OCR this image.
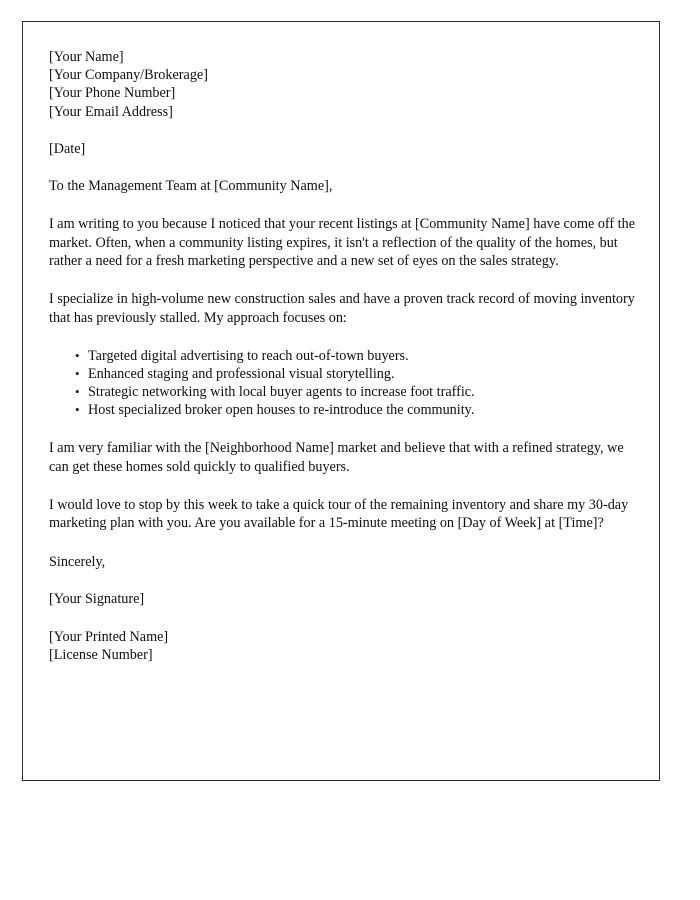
[Your Name]
[Your Company/Brokerage]
[Your Phone Number]
[Your Email Address]
[Date]
To the Management Team at [Community Name],

I am writing to you because I noticed that your recent listings at [Community Name] have come off the market. Often, when a community listing expires, it isn't a reflection of the quality of the homes, but rather a need for a fresh marketing perspective and a new set of eyes on the sales strategy.

I specialize in high-volume new construction sales and have a proven track record of moving inventory that has previously stalled. My approach focuses on:

• Targeted digital advertising to reach out-of-town buyers.
• Enhanced staging and professional visual storytelling.
• Strategic networking with local buyer agents to increase foot traffic.
• Host specialized broker open houses to re-introduce the community.

I am very familiar with the [Neighborhood Name] market and believe that with a refined strategy, we can get these homes sold quickly to qualified buyers.

I would love to stop by this week to take a quick tour of the remaining inventory and share my 30-day marketing plan with you. Are you available for a 15-minute meeting on [Day of Week] at [Time]?

Sincerely,
[Your Signature]
[Your Printed Name]
[License Number]
